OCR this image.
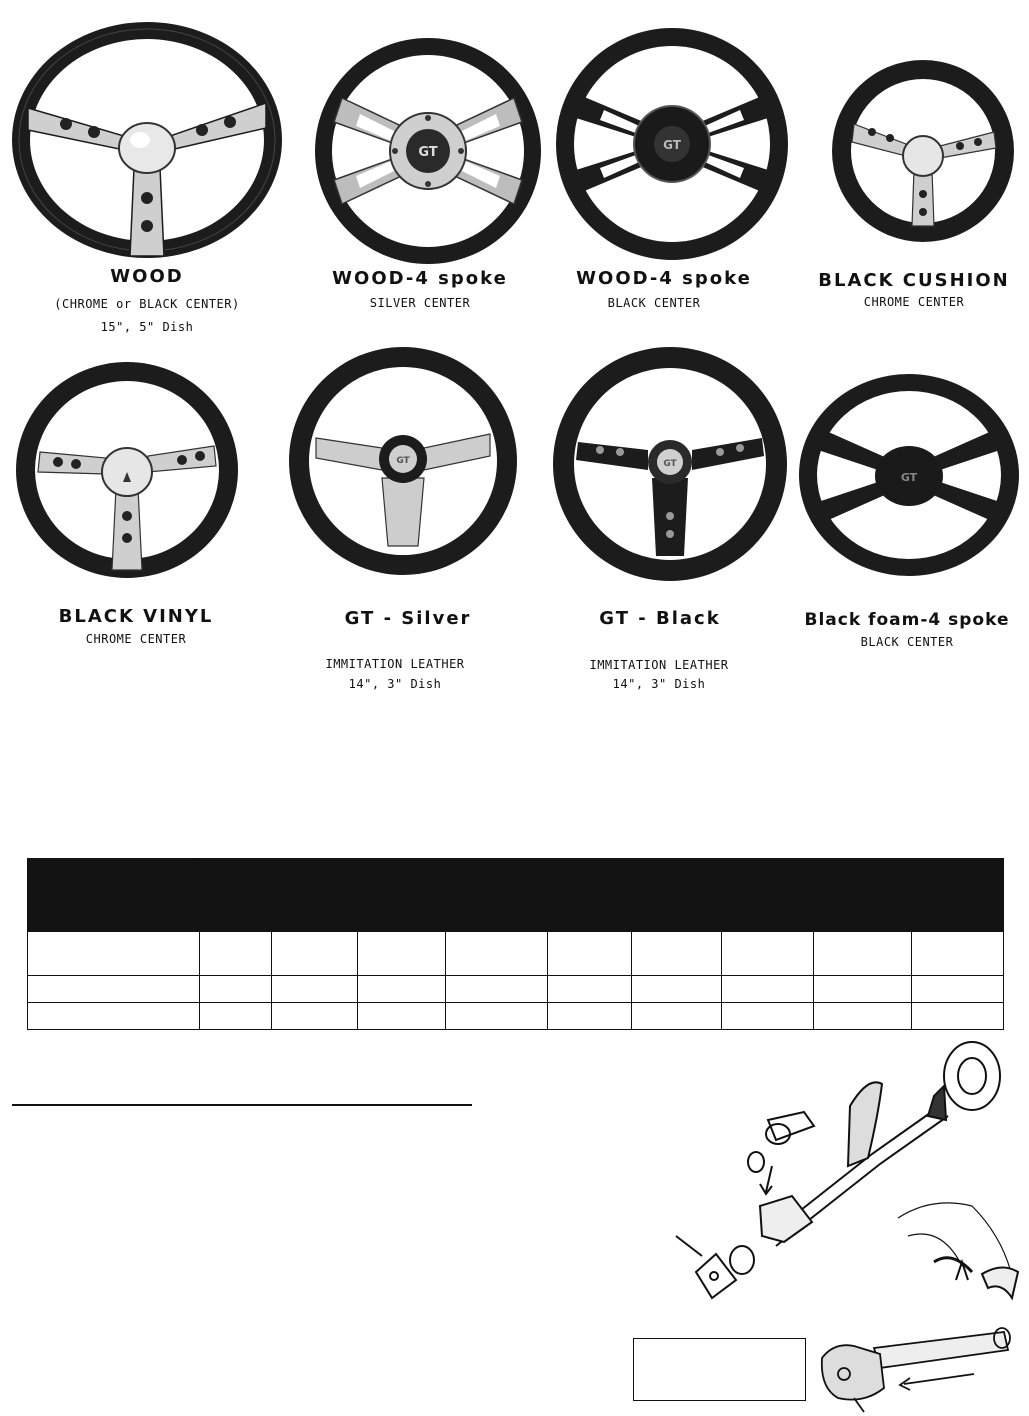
GT	GT
WOOD
(CHROME or BLACK CENTER)
15", 5" Dish
WOOD-4 spoke
SILVER CENTER
WOOD-4 spoke
BLACK CENTER
BLACK CUSHION
CHROME CENTER
GT	GT
GT
BLACK VINYL
CHROME CENTER
GT - Silver
IMMITATION LEATHER
14", 3" Dish
GT - Black
IMMITATION LEATHER
14", 3" Dish
Black foam-4 spoke
BLACK CENTER
